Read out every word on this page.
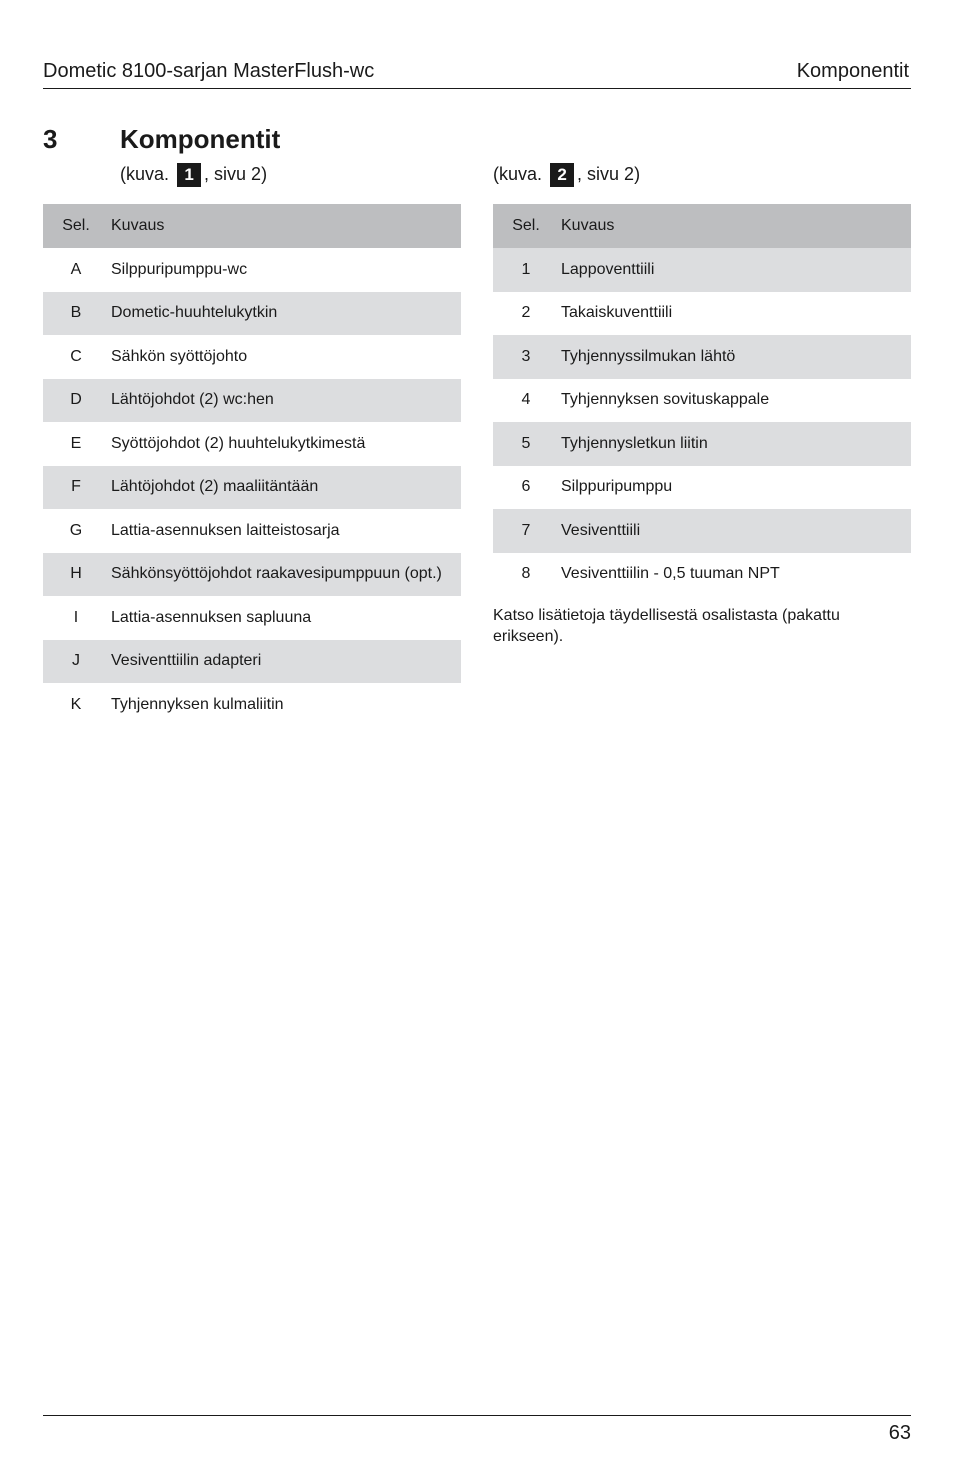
Dometic 8100-sarjan MasterFlush-wc	Komponentit
3 Komponentit
(kuva. 1 , sivu 2)	(kuva. 2 , sivu 2)
Sel.	Kuvaus
A	Silppuripumppu-wc
B	Dometic-huuhtelukytkin
C	Sähkön syöttöjohto
D	Lähtöjohdot (2) wc:hen
E	Syöttöjohdot (2) huuhtelukytkimestä
F	Lähtöjohdot (2) maaliitäntään
G	Lattia-asennuksen laitteistosarja
H	Sähkönsyöttöjohdot raakavesipumppuun (opt.)
I	Lattia-asennuksen sapluuna
J	Vesiventtiilin adapteri
K	Tyhjennyksen kulmaliitin
Sel.	Kuvaus
1	Lappoventtiili
2	Takaiskuventtiili
3	Tyhjennyssilmukan lähtö
4	Tyhjennyksen sovituskappale
5	Tyhjennysletkun liitin
6	Silppuripumppu
7	Vesiventtiili
8	Vesiventtiilin - 0,5 tuuman NPT
Katso lisätietoja täydellisestä osalistasta (pakattu erikseen).
63
